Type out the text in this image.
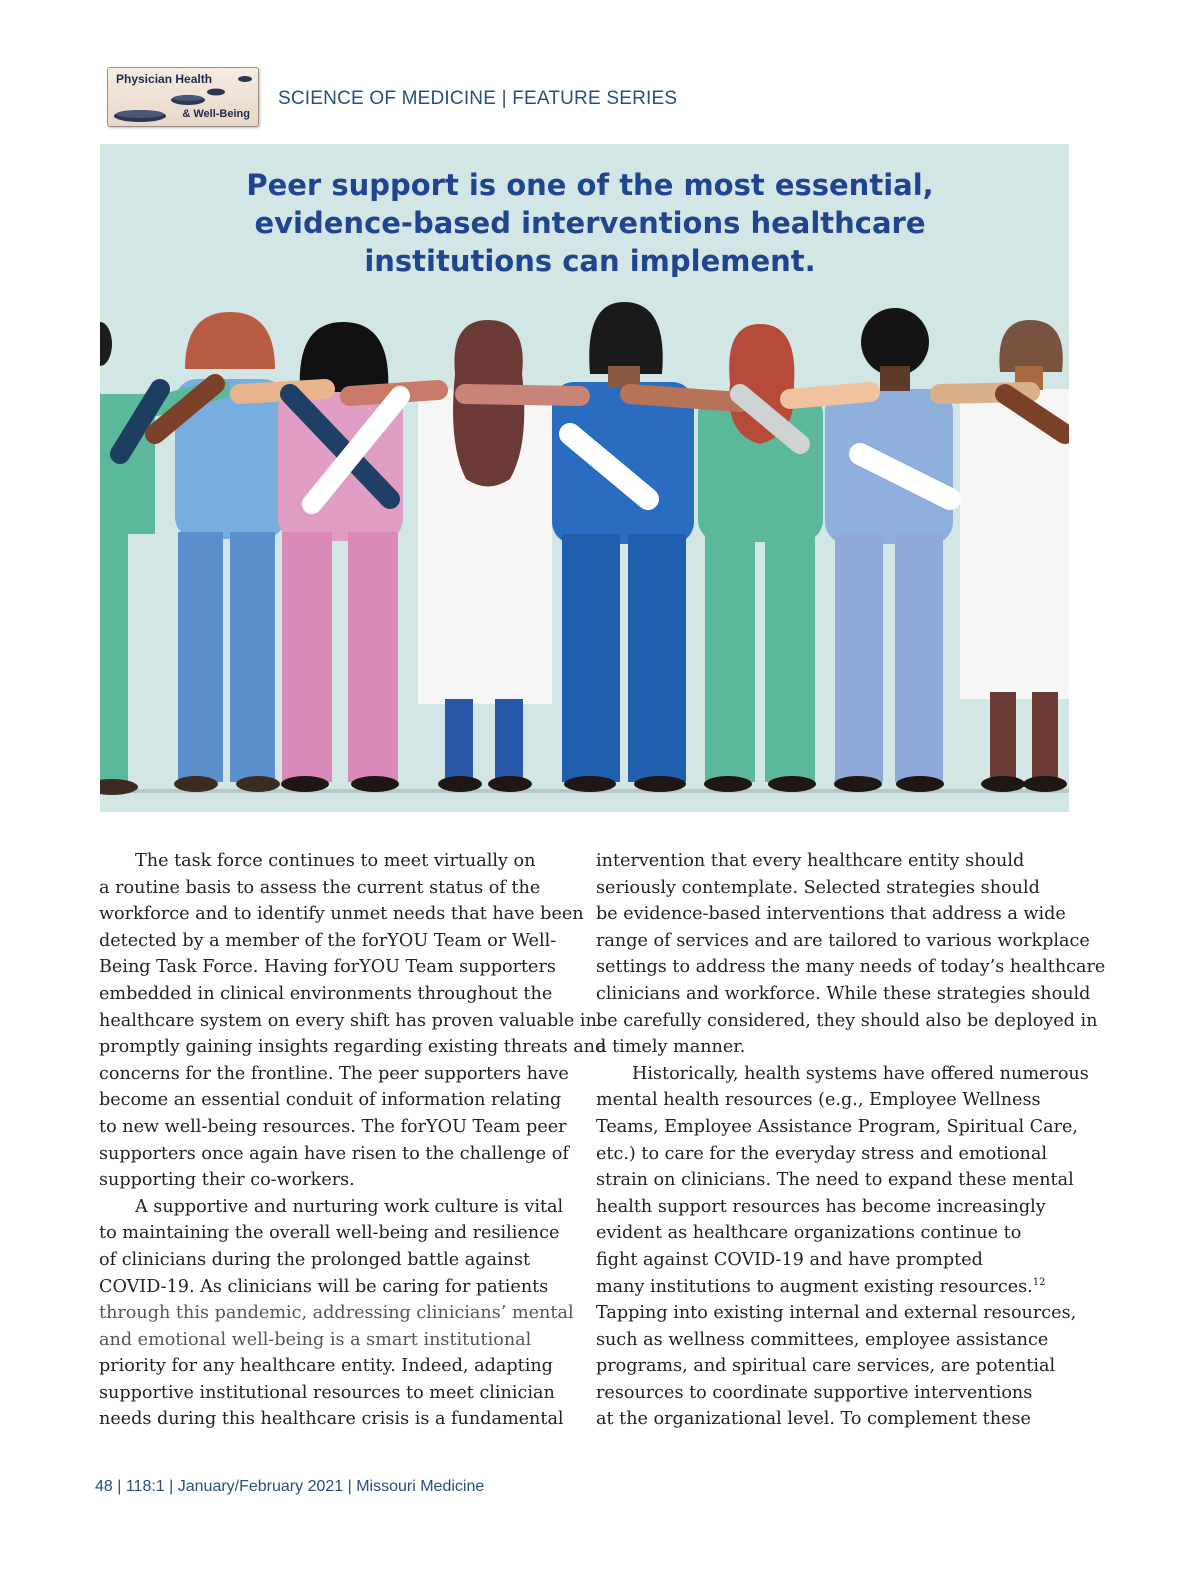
Physician Health
& Well-Being
SCIENCE OF MEDICINE | FEATURE SERIES
Peer support is one of the most essential,
evidence-based interventions healthcare
institutions can implement.

The task force continues to meet virtually on
a routine basis to assess the current status of the
workforce and to identify unmet needs that have been
detected by a member of the forYOU Team or Well-
Being Task Force. Having forYOU Team supporters
embedded in clinical environments throughout the
healthcare system on every shift has proven valuable in
promptly gaining insights regarding existing threats and
concerns for the frontline. The peer supporters have
become an essential conduit of information relating
to new well-being resources. The forYOU Team peer
supporters once again have risen to the challenge of
supporting their co-workers.

A supportive and nurturing work culture is vital
to maintaining the overall well-being and resilience
of clinicians during the prolonged battle against
COVID-19. As clinicians will be caring for patients
through this pandemic, addressing clinicians’ mental
and emotional well-being is a smart institutional
priority for any healthcare entity. Indeed, adapting
supportive institutional resources to meet clinician
needs during this healthcare crisis is a fundamental

intervention that every healthcare entity should
seriously contemplate. Selected strategies should
be evidence-based interventions that address a wide
range of services and are tailored to various workplace
settings to address the many needs of today’s healthcare
clinicians and workforce. While these strategies should
be carefully considered, they should also be deployed in
a timely manner.

Historically, health systems have offered numerous
mental health resources (e.g., Employee Wellness
Teams, Employee Assistance Program, Spiritual Care,
etc.) to care for the everyday stress and emotional
strain on clinicians. The need to expand these mental
health support resources has become increasingly
evident as healthcare organizations continue to
fight against COVID-19 and have prompted
many institutions to augment existing resources.$^{12}$
Tapping into existing internal and external resources,
such as wellness committees, employee assistance
programs, and spiritual care services, are potential
resources to coordinate supportive interventions
at the organizational level. To complement these

48 | 118:1 | January/February 2021 | Missouri Medicine
